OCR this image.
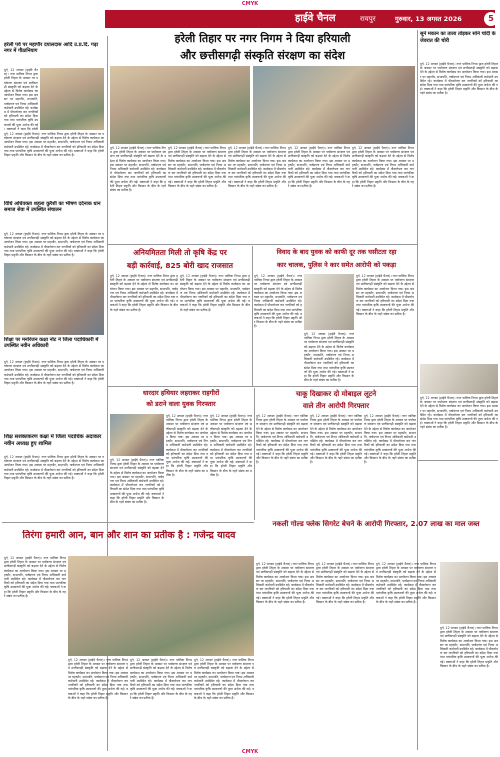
CMYK
हाईवे चैनल	रायपुर	गुरुवार, 13 अगस्त 2026	5
हरेली पर्व पर महापौर दयालदास आदि उ.प्र.दि. गढ़ा नगर में गौठानियाग
दुर्ग, 12 अगस्त (हाईवे चैनल)। नगर पालिक निगम द्वारा हरेली तिहार के अवसर पर पर्यावरण संरक्षण एवं छत्तीसगढ़ी संस्कृति को बढ़ावा देने के उद्देश्य से विशेष कार्यक्रम का आयोजन किया गया। इस अवसर पर महापौर, सभापति, पार्षदगण एवं निगम अधिकारी कर्मचारी उपस्थित रहे। कार्यक्रम में पौधारोपण कर नागरिकों को हरियाली का संदेश दिया गया तथा पारंपरिक कृषि उपकरणों की पूजा अर्चना की गई। वक्ताओं ने कहा कि हरेली
दुर्ग, 12 अगस्त (हाईवे चैनल)। नगर पालिक निगम द्वारा हरेली तिहार के अवसर पर पर्यावरण संरक्षण एवं छत्तीसगढ़ी संस्कृति को बढ़ावा देने के उद्देश्य से विशेष कार्यक्रम का आयोजन किया गया। इस अवसर पर महापौर, सभापति, पार्षदगण एवं निगम अधिकारी कर्मचारी उपस्थित रहे। कार्यक्रम में पौधारोपण कर नागरिकों को हरियाली का संदेश दिया गया तथा पारंपरिक कृषि उपकरणों की पूजा अर्चना की गई। वक्ताओं ने कहा कि हरेली तिहार प्रकृति और किसान के बीच के गहरे संबंध का प्रतीक है।
विधि अधिवक्ता शहला कुरैशी का भीषण दर्दनाक धान समाज सेवा में उपस्थित संचालन
दुर्ग, 12 अगस्त (हाईवे चैनल)। नगर पालिक निगम द्वारा हरेली तिहार के अवसर पर पर्यावरण संरक्षण एवं छत्तीसगढ़ी संस्कृति को बढ़ावा देने के उद्देश्य से विशेष कार्यक्रम का आयोजन किया गया। इस अवसर पर महापौर, सभापति, पार्षदगण एवं निगम अधिकारी कर्मचारी उपस्थित रहे। कार्यक्रम में पौधारोपण कर नागरिकों को हरियाली का संदेश दिया गया तथा पारंपरिक कृषि उपकरणों की पूजा अर्चना की गई। वक्ताओं ने कहा कि हरेली तिहार प्रकृति और किसान के बीच के गहरे संबंध का प्रतीक है।
हरेली तिहार पर नगर निगम ने दिया हरियाली
और छत्तीसगढ़ी संस्कृति संरक्षण का संदेश
दुर्ग, 12 अगस्त (हाईवे चैनल)। नगर पालिक निगम द्वारा हरेली तिहार के अवसर पर पर्यावरण संरक्षण एवं छत्तीसगढ़ी संस्कृति को बढ़ावा देने के उद्देश्य से विशेष कार्यक्रम का आयोजन किया गया। इस अवसर पर महापौर, सभापति, पार्षदगण एवं निगम अधिकारी कर्मचारी उपस्थित रहे। कार्यक्रम में पौधारोपण कर नागरिकों को हरियाली का संदेश दिया गया तथा पारंपरिक कृषि उपकरणों की पूजा अर्चना की गई। वक्ताओं ने कहा कि हरेली तिहार प्रकृति और किसान के बीच के गहरे संबंध का प्रतीक है।
दुर्ग, 12 अगस्त (हाईवे चैनल)। नगर पालिक निगम द्वारा हरेली तिहार के अवसर पर पर्यावरण संरक्षण एवं छत्तीसगढ़ी संस्कृति को बढ़ावा देने के उद्देश्य से विशेष कार्यक्रम का आयोजन किया गया। इस अवसर पर महापौर, सभापति, पार्षदगण एवं निगम अधिकारी कर्मचारी उपस्थित रहे। कार्यक्रम में पौधारोपण कर नागरिकों को हरियाली का संदेश दिया गया तथा पारंपरिक कृषि उपकरणों की पूजा अर्चना की गई। वक्ताओं ने कहा कि हरेली तिहार प्रकृति और किसान के बीच के गहरे संबंध का प्रतीक है।
दुर्ग, 12 अगस्त (हाईवे चैनल)। नगर पालिक निगम द्वारा हरेली तिहार के अवसर पर पर्यावरण संरक्षण एवं छत्तीसगढ़ी संस्कृति को बढ़ावा देने के उद्देश्य से विशेष कार्यक्रम का आयोजन किया गया। इस अवसर पर महापौर, सभापति, पार्षदगण एवं निगम अधिकारी कर्मचारी उपस्थित रहे। कार्यक्रम में पौधारोपण कर नागरिकों को हरियाली का संदेश दिया गया तथा पारंपरिक कृषि उपकरणों की पूजा अर्चना की गई। वक्ताओं ने कहा कि हरेली तिहार प्रकृति और किसान के बीच के गहरे संबंध का प्रतीक है।
दुर्ग, 12 अगस्त (हाईवे चैनल)। नगर पालिक निगम द्वारा हरेली तिहार के अवसर पर पर्यावरण संरक्षण एवं छत्तीसगढ़ी संस्कृति को बढ़ावा देने के उद्देश्य से विशेष कार्यक्रम का आयोजन किया गया। इस अवसर पर महापौर, सभापति, पार्षदगण एवं निगम अधिकारी कर्मचारी उपस्थित रहे। कार्यक्रम में पौधारोपण कर नागरिकों को हरियाली का संदेश दिया गया तथा पारंपरिक कृषि उपकरणों की पूजा अर्चना की गई। वक्ताओं ने कहा कि हरेली तिहार प्रकृति और किसान के बीच के गहरे संबंध का प्रतीक है।
दुर्ग, 12 अगस्त (हाईवे चैनल)। नगर पालिक निगम द्वारा हरेली तिहार के अवसर पर पर्यावरण संरक्षण एवं छत्तीसगढ़ी संस्कृति को बढ़ावा देने के उद्देश्य से विशेष कार्यक्रम का आयोजन किया गया। इस अवसर पर महापौर, सभापति, पार्षदगण एवं निगम अधिकारी कर्मचारी उपस्थित रहे। कार्यक्रम में पौधारोपण कर नागरिकों को हरियाली का संदेश दिया गया तथा पारंपरिक कृषि उपकरणों की पूजा अर्चना की गई। वक्ताओं ने कहा कि हरेली तिहार प्रकृति और किसान के बीच के गहरे संबंध का प्रतीक है।
सूने मकान का ताला तोड़कर सोने चांदी के जेवरात की चोरी
दुर्ग, 12 अगस्त (हाईवे चैनल)। नगर पालिक निगम द्वारा हरेली तिहार के अवसर पर पर्यावरण संरक्षण एवं छत्तीसगढ़ी संस्कृति को बढ़ावा देने के उद्देश्य से विशेष कार्यक्रम का आयोजन किया गया। इस अवसर पर महापौर, सभापति, पार्षदगण एवं निगम अधिकारी कर्मचारी उपस्थित रहे। कार्यक्रम में पौधारोपण कर नागरिकों को हरियाली का संदेश दिया गया तथा पारंपरिक कृषि उपकरणों की पूजा अर्चना की गई। वक्ताओं ने कहा कि हरेली तिहार प्रकृति और किसान के बीच के गहरे संबंध का प्रतीक है।
अनियमितता मिली तो कृषि केंद्र पर
बड़ी कार्रवाई, 825 बोरी खाद राजसात
दुर्ग, 12 अगस्त (हाईवे चैनल)। नगर पालिक निगम द्वारा हरेली तिहार के अवसर पर पर्यावरण संरक्षण एवं छत्तीसगढ़ी संस्कृति को बढ़ावा देने के उद्देश्य से विशेष कार्यक्रम का आयोजन किया गया। इस अवसर पर महापौर, सभापति, पार्षदगण एवं निगम अधिकारी कर्मचारी उपस्थित रहे। कार्यक्रम में पौधारोपण कर नागरिकों को हरियाली का संदेश दिया गया तथा पारंपरिक कृषि उपकरणों की पूजा अर्चना की गई। वक्ताओं ने कहा कि हरेली तिहार प्रकृति और किसान के बीच के गहरे संबंध का प्रतीक है।
दुर्ग, 12 अगस्त (हाईवे चैनल)। नगर पालिक निगम द्वारा हरेली तिहार के अवसर पर पर्यावरण संरक्षण एवं छत्तीसगढ़ी संस्कृति को बढ़ावा देने के उद्देश्य से विशेष कार्यक्रम का आयोजन किया गया। इस अवसर पर महापौर, सभापति, पार्षदगण एवं निगम अधिकारी कर्मचारी उपस्थित रहे। कार्यक्रम में पौधारोपण कर नागरिकों को हरियाली का संदेश दिया गया तथा पारंपरिक कृषि उपकरणों की पूजा अर्चना की गई। वक्ताओं ने कहा कि हरेली तिहार प्रकृति और किसान के बीच के गहरे संबंध का प्रतीक है।
विवाद के बाद युवक को काफी दूर तक घसीटता रहा
कार चालक, पुलिस ने कार समेत आरोपी को पकड़ा
दुर्ग, 12 अगस्त (हाईवे चैनल)। नगर पालिक निगम द्वारा हरेली तिहार के अवसर पर पर्यावरण संरक्षण एवं छत्तीसगढ़ी संस्कृति को बढ़ावा देने के उद्देश्य से विशेष कार्यक्रम का आयोजन किया गया। इस अवसर पर महापौर, सभापति, पार्षदगण एवं निगम अधिकारी कर्मचारी उपस्थित रहे। कार्यक्रम में पौधारोपण कर नागरिकों को हरियाली का संदेश दिया गया तथा पारंपरिक कृषि उपकरणों की पूजा अर्चना की गई। वक्ताओं ने कहा कि हरेली तिहार प्रकृति और किसान के बीच के गहरे संबंध का प्रतीक है।
दुर्ग, 12 अगस्त (हाईवे चैनल)। नगर पालिक निगम द्वारा हरेली तिहार के अवसर पर पर्यावरण संरक्षण एवं छत्तीसगढ़ी संस्कृति को बढ़ावा देने के उद्देश्य से विशेष कार्यक्रम का आयोजन किया गया। इस अवसर पर महापौर, सभापति, पार्षदगण एवं निगम अधिकारी कर्मचारी उपस्थित रहे। कार्यक्रम में पौधारोपण कर नागरिकों को हरियाली का संदेश दिया गया तथा पारंपरिक कृषि उपकरणों की पूजा अर्चना की गई। वक्ताओं ने कहा कि हरेली तिहार प्रकृति और किसान के बीच के गहरे संबंध का प्रतीक है।
दुर्ग, 12 अगस्त (हाईवे चैनल)। नगर पालिक निगम द्वारा हरेली तिहार के अवसर पर पर्यावरण संरक्षण एवं छत्तीसगढ़ी संस्कृति को बढ़ावा देने के उद्देश्य से विशेष कार्यक्रम का आयोजन किया गया। इस अवसर पर महापौर, सभापति, पार्षदगण एवं निगम अधिकारी कर्मचारी उपस्थित रहे। कार्यक्रम में पौधारोपण कर नागरिकों को हरियाली का संदेश दिया गया तथा पारंपरिक कृषि उपकरणों की पूजा अर्चना की गई। वक्ताओं ने कहा कि हरेली तिहार प्रकृति और किसान के बीच के गहरे संबंध का प्रतीक है।
दुर्ग, 12 अगस्त (हाईवे चैनल)। नगर पालिक निगम द्वारा हरेली तिहार के अवसर पर पर्यावरण संरक्षण एवं छत्तीसगढ़ी संस्कृति को बढ़ावा देने के उद्देश्य से विशेष कार्यक्रम का आयोजन किया गया। इस अवसर पर महापौर, सभापति, पार्षदगण एवं निगम अधिकारी कर्मचारी उपस्थित रहे। कार्यक्रम में पौधारोपण कर नागरिकों को हरियाली का संदेश दिया गया तथा पारंपरिक कृषि उपकरणों की पूजा अर्चना की गई। वक्ताओं ने कहा कि हरेली तिहार प्रकृति और किसान के बीच के गहरे संबंध का प्रतीक है।
धारदार हथियार लहराकर राहगीरों
को डराने वाला युवक गिरफ्तार
दुर्ग, 12 अगस्त (हाईवे चैनल)। नगर पालिक निगम द्वारा हरेली तिहार के अवसर पर पर्यावरण संरक्षण एवं छत्तीसगढ़ी संस्कृति को बढ़ावा देने के उद्देश्य से विशेष कार्यक्रम का आयोजन किया गया। इस अवसर पर महापौर, सभापति, पार्षदगण एवं निगम अधिकारी कर्मचारी उपस्थित रहे। कार्यक्रम में पौधारोपण कर नागरिकों को हरियाली का संदेश दिया गया तथा पारंपरिक कृषि उपकरणों की पूजा अर्चना की गई। वक्ताओं ने कहा कि हरेली तिहार प्रकृति और किसान के बीच के गहरे संबंध का प्रतीक है।
दुर्ग, 12 अगस्त (हाईवे चैनल)। नगर पालिक निगम द्वारा हरेली तिहार के अवसर पर पर्यावरण संरक्षण एवं छत्तीसगढ़ी संस्कृति को बढ़ावा देने के उद्देश्य से विशेष कार्यक्रम का आयोजन किया गया। इस अवसर पर महापौर, सभापति, पार्षदगण एवं निगम अधिकारी कर्मचारी उपस्थित रहे। कार्यक्रम में पौधारोपण कर नागरिकों को हरियाली का संदेश दिया गया तथा पारंपरिक कृषि उपकरणों की पूजा अर्चना की गई। वक्ताओं ने कहा कि हरेली तिहार प्रकृति और किसान के बीच के गहरे संबंध का प्रतीक है।
दुर्ग, 12 अगस्त (हाईवे चैनल)। नगर पालिक निगम द्वारा हरेली तिहार के अवसर पर पर्यावरण संरक्षण एवं छत्तीसगढ़ी संस्कृति को बढ़ावा देने के उद्देश्य से विशेष कार्यक्रम का आयोजन किया गया। इस अवसर पर महापौर, सभापति, पार्षदगण एवं निगम अधिकारी कर्मचारी उपस्थित रहे। कार्यक्रम में पौधारोपण कर नागरिकों को हरियाली का संदेश दिया गया तथा पारंपरिक कृषि उपकरणों की पूजा अर्चना की गई। वक्ताओं ने कहा कि हरेली तिहार प्रकृति और किसान के बीच के गहरे संबंध का प्रतीक है।
चाकू दिखाकर दो मोबाइल लूटने
वाले तीन आरोपी गिरफ्तार
दुर्ग, 12 अगस्त (हाईवे चैनल)। नगर पालिक निगम द्वारा हरेली तिहार के अवसर पर पर्यावरण संरक्षण एवं छत्तीसगढ़ी संस्कृति को बढ़ावा देने के उद्देश्य से विशेष कार्यक्रम का आयोजन किया गया। इस अवसर पर महापौर, सभापति, पार्षदगण एवं निगम अधिकारी कर्मचारी उपस्थित रहे। कार्यक्रम में पौधारोपण कर नागरिकों को हरियाली का संदेश दिया गया तथा पारंपरिक कृषि उपकरणों की पूजा अर्चना की गई। वक्ताओं ने कहा कि हरेली तिहार प्रकृति और किसान के बीच के गहरे संबंध का प्रतीक है।
दुर्ग, 12 अगस्त (हाईवे चैनल)। नगर पालिक निगम द्वारा हरेली तिहार के अवसर पर पर्यावरण संरक्षण एवं छत्तीसगढ़ी संस्कृति को बढ़ावा देने के उद्देश्य से विशेष कार्यक्रम का आयोजन किया गया। इस अवसर पर महापौर, सभापति, पार्षदगण एवं निगम अधिकारी कर्मचारी उपस्थित रहे। कार्यक्रम में पौधारोपण कर नागरिकों को हरियाली का संदेश दिया गया तथा पारंपरिक कृषि उपकरणों की पूजा अर्चना की गई। वक्ताओं ने कहा कि हरेली तिहार प्रकृति और किसान के बीच के गहरे संबंध का प्रतीक है।
दुर्ग, 12 अगस्त (हाईवे चैनल)। नगर पालिक निगम द्वारा हरेली तिहार के अवसर पर पर्यावरण संरक्षण एवं छत्तीसगढ़ी संस्कृति को बढ़ावा देने के उद्देश्य से विशेष कार्यक्रम का आयोजन किया गया। इस अवसर पर महापौर, सभापति, पार्षदगण एवं निगम अधिकारी कर्मचारी उपस्थित रहे। कार्यक्रम में पौधारोपण कर नागरिकों को हरियाली का संदेश दिया गया तथा पारंपरिक कृषि उपकरणों की पूजा अर्चना की गई। वक्ताओं ने कहा कि हरेली तिहार प्रकृति और किसान के बीच के गहरे संबंध का प्रतीक है।
शिक्षा पर मनोरंजन कक्षा नोट ने जिला पदाधिकारी में उपस्थित नवीन अधिकारी
दुर्ग, 12 अगस्त (हाईवे चैनल)। नगर पालिक निगम द्वारा हरेली तिहार के अवसर पर पर्यावरण संरक्षण एवं छत्तीसगढ़ी संस्कृति को बढ़ावा देने के उद्देश्य से विशेष कार्यक्रम का आयोजन किया गया। इस अवसर पर महापौर, सभापति, पार्षदगण एवं निगम अधिकारी कर्मचारी उपस्थित रहे। कार्यक्रम में पौधारोपण कर नागरिकों को हरियाली का संदेश दिया गया तथा पारंपरिक कृषि उपकरणों की पूजा अर्चना की गई। वक्ताओं ने कहा कि हरेली तिहार प्रकृति और किसान के बीच के गहरे संबंध का प्रतीक है।
शिक्ष सशक्तकरण कक्षा में जिला पदाधिक अदाकार नवीन अध्यक्ष हुए शामिल
दुर्ग, 12 अगस्त (हाईवे चैनल)। नगर पालिक निगम द्वारा हरेली तिहार के अवसर पर पर्यावरण संरक्षण एवं छत्तीसगढ़ी संस्कृति को बढ़ावा देने के उद्देश्य से विशेष कार्यक्रम का आयोजन किया गया। इस अवसर पर महापौर, सभापति, पार्षदगण एवं निगम अधिकारी कर्मचारी उपस्थित रहे। कार्यक्रम में पौधारोपण कर नागरिकों को हरियाली का संदेश दिया गया तथा पारंपरिक कृषि उपकरणों की पूजा अर्चना की गई। वक्ताओं ने कहा कि हरेली तिहार प्रकृति और किसान के बीच के गहरे संबंध का प्रतीक है।
नकली गोल्ड फ्लेक सिगरेट बेचने के आरोपी गिरफ्तार, 2.07 लाख का माल जब्त
तिरंगा हमारी आन, बान और शान का प्रतीक है : गजेन्द्र यादव
दुर्ग, 12 अगस्त (हाईवे चैनल)। नगर पालिक निगम द्वारा हरेली तिहार के अवसर पर पर्यावरण संरक्षण एवं छत्तीसगढ़ी संस्कृति को बढ़ावा देने के उद्देश्य से विशेष कार्यक्रम का आयोजन किया गया। इस अवसर पर महापौर, सभापति, पार्षदगण एवं निगम अधिकारी कर्मचारी उपस्थित रहे। कार्यक्रम में पौधारोपण कर नागरिकों को हरियाली का संदेश दिया गया तथा पारंपरिक कृषि उपकरणों की पूजा अर्चना की गई। वक्ताओं ने कहा कि हरेली तिहार प्रकृति और किसान के बीच के गहरे संबंध का प्रतीक है।
दुर्ग, 12 अगस्त (हाईवे चैनल)। नगर पालिक निगम द्वारा हरेली तिहार के अवसर पर पर्यावरण संरक्षण एवं छत्तीसगढ़ी संस्कृति को बढ़ावा देने के उद्देश्य से विशेष कार्यक्रम का आयोजन किया गया। इस अवसर पर महापौर, सभापति, पार्षदगण एवं निगम अधिकारी कर्मचारी उपस्थित रहे। कार्यक्रम में पौधारोपण कर नागरिकों को हरियाली का संदेश दिया गया तथा पारंपरिक कृषि उपकरणों की पूजा अर्चना की गई। वक्ताओं ने कहा कि हरेली तिहार प्रकृति और किसान के बीच के गहरे संबंध का प्रतीक है।
दुर्ग, 12 अगस्त (हाईवे चैनल)। नगर पालिक निगम द्वारा हरेली तिहार के अवसर पर पर्यावरण संरक्षण एवं छत्तीसगढ़ी संस्कृति को बढ़ावा देने के उद्देश्य से विशेष कार्यक्रम का आयोजन किया गया। इस अवसर पर महापौर, सभापति, पार्षदगण एवं निगम अधिकारी कर्मचारी उपस्थित रहे। कार्यक्रम में पौधारोपण कर नागरिकों को हरियाली का संदेश दिया गया तथा पारंपरिक कृषि उपकरणों की पूजा अर्चना की गई। वक्ताओं ने कहा कि हरेली तिहार प्रकृति और किसान के बीच के गहरे संबंध का प्रतीक है।
दुर्ग, 12 अगस्त (हाईवे चैनल)। नगर पालिक निगम द्वारा हरेली तिहार के अवसर पर पर्यावरण संरक्षण एवं छत्तीसगढ़ी संस्कृति को बढ़ावा देने के उद्देश्य से विशेष कार्यक्रम का आयोजन किया गया। इस अवसर पर महापौर, सभापति, पार्षदगण एवं निगम अधिकारी कर्मचारी उपस्थित रहे। कार्यक्रम में पौधारोपण कर नागरिकों को हरियाली का संदेश दिया गया तथा पारंपरिक कृषि उपकरणों की पूजा अर्चना की गई। वक्ताओं ने कहा कि हरेली तिहार प्रकृति और किसान के बीच के गहरे संबंध का प्रतीक है।
दुर्ग, 12 अगस्त (हाईवे चैनल)। नगर पालिक निगम द्वारा हरेली तिहार के अवसर पर पर्यावरण संरक्षण एवं छत्तीसगढ़ी संस्कृति को बढ़ावा देने के उद्देश्य से विशेष कार्यक्रम का आयोजन किया गया। इस अवसर पर महापौर, सभापति, पार्षदगण एवं निगम अधिकारी कर्मचारी उपस्थित रहे। कार्यक्रम में पौधारोपण कर नागरिकों को हरियाली का संदेश दिया गया तथा पारंपरिक कृषि उपकरणों की पूजा अर्चना की गई। वक्ताओं ने कहा कि हरेली तिहार प्रकृति और किसान के बीच के गहरे संबंध का प्रतीक है।
दुर्ग, 12 अगस्त (हाईवे चैनल)। नगर पालिक निगम द्वारा हरेली तिहार के अवसर पर पर्यावरण संरक्षण एवं छत्तीसगढ़ी संस्कृति को बढ़ावा देने के उद्देश्य से विशेष कार्यक्रम का आयोजन किया गया। इस अवसर पर महापौर, सभापति, पार्षदगण एवं निगम अधिकारी कर्मचारी उपस्थित रहे। कार्यक्रम में पौधारोपण कर नागरिकों को हरियाली का संदेश दिया गया तथा पारंपरिक कृषि उपकरणों की पूजा अर्चना की गई। वक्ताओं ने कहा कि हरेली तिहार प्रकृति और किसान के बीच के गहरे संबंध का प्रतीक है।
दुर्ग, 12 अगस्त (हाईवे चैनल)। नगर पालिक निगम द्वारा हरेली तिहार के अवसर पर पर्यावरण संरक्षण एवं छत्तीसगढ़ी संस्कृति को बढ़ावा देने के उद्देश्य से विशेष कार्यक्रम का आयोजन किया गया। इस अवसर पर महापौर, सभापति, पार्षदगण एवं निगम अधिकारी कर्मचारी उपस्थित रहे। कार्यक्रम में पौधारोपण कर नागरिकों को हरियाली का संदेश दिया गया तथा पारंपरिक कृषि उपकरणों की पूजा अर्चना की गई। वक्ताओं ने कहा कि हरेली तिहार प्रकृति और किसान के बीच के गहरे संबंध का प्रतीक है।
दुर्ग, 12 अगस्त (हाईवे चैनल)। नगर पालिक निगम द्वारा हरेली तिहार के अवसर पर पर्यावरण संरक्षण एवं छत्तीसगढ़ी संस्कृति को बढ़ावा देने के उद्देश्य से विशेष कार्यक्रम का आयोजन किया गया। इस अवसर पर महापौर, सभापति, पार्षदगण एवं निगम अधिकारी कर्मचारी उपस्थित रहे। कार्यक्रम में पौधारोपण कर नागरिकों को हरियाली का संदेश दिया गया तथा पारंपरिक कृषि उपकरणों की पूजा अर्चना की गई। वक्ताओं ने कहा कि हरेली तिहार प्रकृति और किसान के बीच के गहरे संबंध का प्रतीक है।
CMYK
